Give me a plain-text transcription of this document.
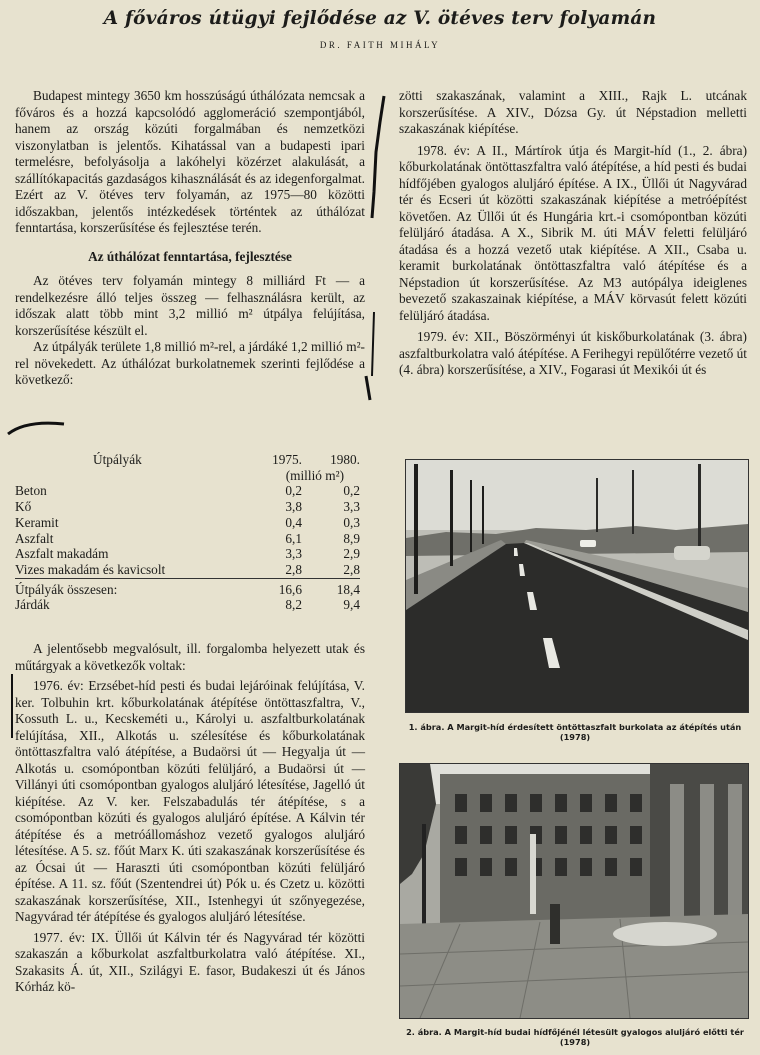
A főváros útügyi fejlődése az V. ötéves terv folyamán
DR. FAITH MIHÁLY

Budapest mintegy 3650 km hosszúságú úthálózata nemcsak a főváros és a hozzá kapcsolódó agglomeráció szempontjából, hanem az ország közúti forgalmában és nemzetközi viszonylatban is jelentős. Kihatással van a budapesti ipari termelésre, befolyásolja a lakóhelyi közérzet alakulását, a szállítókapacitás gazdaságos kihasználását és az idegenforgalmat. Ezért az V. ötéves terv folyamán, az 1975—80 közötti időszakban, jelentős intézkedések történtek az úthálózat fenntartása, korszerűsítése és fejlesztése terén.

Az úthálózat fenntartása, fejlesztése

Az ötéves terv folyamán mintegy 8 milliárd Ft — a rendelkezésre álló teljes összeg — felhasználásra került, az időszak alatt több mint 3,2 millió m² útpálya felújítása, korszerűsítése készült el.

Az útpályák területe 1,8 millió m²-rel, a járdáké 1,2 millió m²-rel növekedett. Az úthálózat burkolatnemek szerinti fejlődése a következő:

Útpályák	1975.	1980.
	(millió m²)	
Beton	0,2	0,2
Kő	3,8	3,3
Keramit	0,4	0,3
Aszfalt	6,1	8,9
Aszfalt makadám	3,3	2,9
Vizes makadám és kavicsolt	2,8	2,8
Útpályák összesen:	16,6	18,4
Járdák	8,2	9,4

A jelentősebb megvalósult, ill. forgalomba helyezett utak és műtárgyak a következők voltak:

1976. év: Erzsébet-híd pesti és budai lejáróinak felújítása, V. ker. Tolbuhin krt. kőburkolatának átépítése öntöttaszfaltra, V., Kossuth L. u., Kecskeméti u., Károlyi u. aszfaltburkolatának felújítása, XII., Alkotás u. szélesítése és kőburkolatának öntöttaszfaltra való átépítése, a Budaörsi út — Hegyalja út — Alkotás u. csomópontban közúti felüljáró, a Budaörsi út — Villányi úti csomópontban gyalogos aluljáró létesítése, Jagelló út kiépítése. Az V. ker. Felszabadulás tér átépítése, s a csomópontban közúti és gyalogos aluljáró építése. A Kálvin tér átépítése és a metróállomáshoz vezető gyalogos aluljáró létesítése. A 5. sz. főút Marx K. úti szakaszának korszerűsítése és az Ócsai út — Haraszti úti csomópontban közúti felüljáró építése. A 11. sz. főút (Szentendrei út) Pók u. és Czetz u. közötti szakaszának korszerűsítése, XII., Istenhegyi út szőnyegezése, Nagyvárad tér átépítése és gyalogos aluljáró létesítése.

1977. év: IX. Üllői út Kálvin tér és Nagyvárad tér közötti szakaszán a kőburkolat aszfaltburkolatra való átépítése. XI., Szakasits Á. út, XII., Szilágyi E. fasor, Budakeszi út és János Kórház kö-

zötti szakaszának, valamint a XIII., Rajk L. utcának korszerűsítése. A XIV., Dózsa Gy. út Népstadion melletti szakaszának kiépítése.

1978. év: A II., Mártírok útja és Margit-híd (1., 2. ábra) kőburkolatának öntöttaszfaltra való átépítése, a híd pesti és budai hídfőjében gyalogos aluljáró építése. A IX., Üllői út Nagyvárad tér és Ecseri út közötti szakaszának kiépítése a metróépítést követően. Az Üllői út és Hungária krt.-i csomópontban közúti felüljáró átadása. A X., Sibrik M. úti MÁV feletti felüljáró átadása és a hozzá vezető utak kiépítése. A XII., Csaba u. keramit burkolatának öntöttaszfaltra való átépítése és a Népstadion út korszerűsítése. Az M3 autópálya ideiglenes bevezető szakaszainak kiépítése, a MÁV körvasút felett közúti felüljáró átadása.

1979. év: XII., Böszörményi út kiskőburkolatának (3. ábra) aszfaltburkolatra való átépítése. A Ferihegyi repülőtérre vezető út (4. ábra) korszerűsítése, a XIV., Fogarasi út Mexikói út és

1. ábra. A Margit-híd érdesített öntöttaszfalt burkolata az átépítés után (1978)
2. ábra. A Margit-híd budai hídfőjénél létesült gyalogos aluljáró előtti tér (1978)
